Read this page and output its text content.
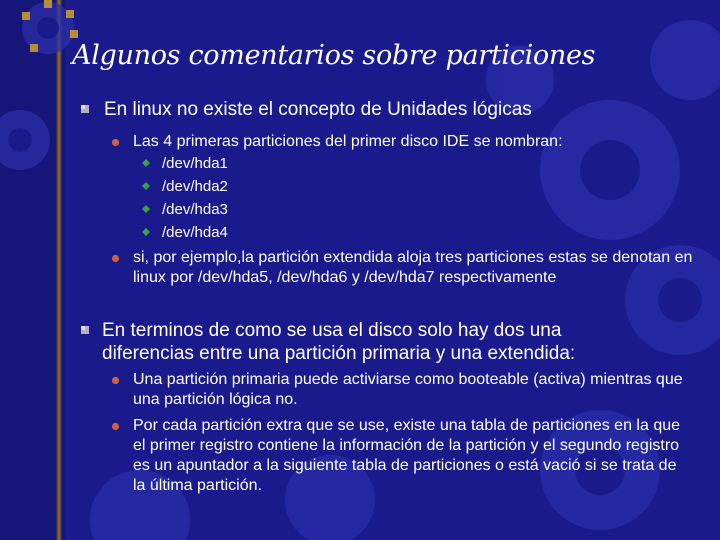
Algunos comentarios sobre particiones
En linux no existe el concepto de Unidades lógicas
Las 4 primeras particiones del primer disco IDE se nombran:
/dev/hda1
/dev/hda2
/dev/hda3
/dev/hda4
si, por ejemplo,la partición extendida aloja tres particiones estas se denotan en linux por /dev/hda5, /dev/hda6 y /dev/hda7 respectivamente
En terminos de como se usa el disco solo hay dos una diferencias entre una partición primaria y una extendida:
Una partición primaria puede activiarse como booteable (activa) mientras que una partición lógica no.
Por cada partición extra que se use, existe una tabla de particiones en la que el primer registro contiene la información de la partición y el segundo registro es un apuntador a la siguiente tabla de particiones o está vació si se trata de la última partición.
